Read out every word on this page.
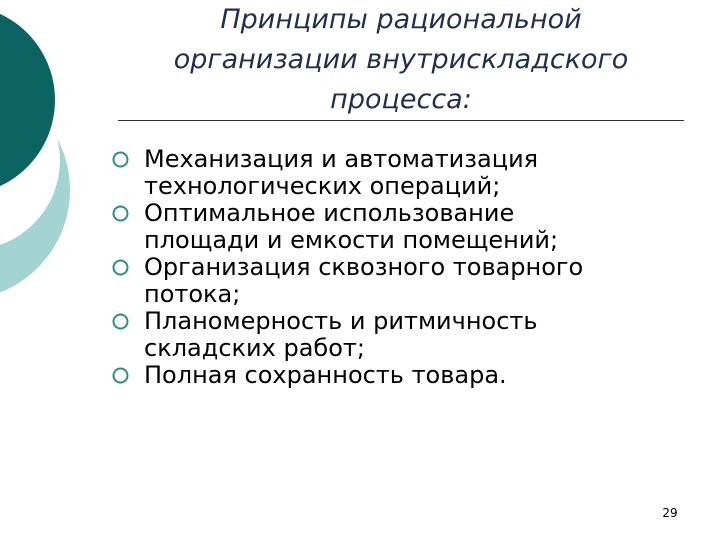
Принципы рациональной
организации внутрискладского
процесса:
Механизация и автоматизация
технологических операций;
Оптимальное использование
площади и емкости помещений;
Организация сквозного товарного
потока;
Планомерность и ритмичность
складских работ;
Полная сохранность товара.
29
